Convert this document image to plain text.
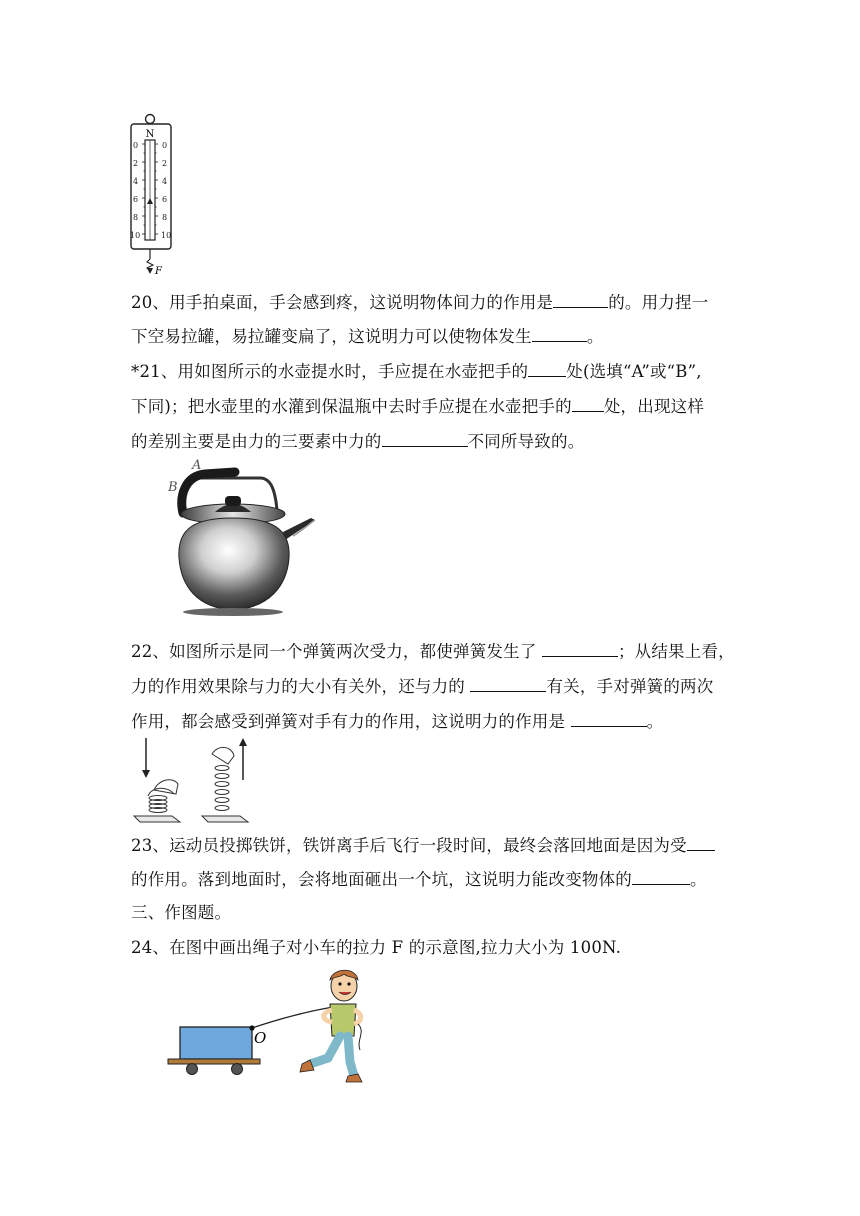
N
0
2
4
6
8
10
0
2
4
6
8
10
F
20、用手拍桌面，手会感到疼，这说明物体间力的作用是	的。用力捏一
下空易拉罐，易拉罐变扁了，这说明力可以使物体发生	。
*21、用如图所示的水壶提水时，手应提在水壶把手的 处(选填“A”或“B”,
下同)；把水壶里的水灌到保温瓶中去时手应提在水壶把手的 处，出现这样
的差别主要是由力的三要素中力的	不同所导致的。
A
B
22、如图所示是同一个弹簧两次受力，都使弹簧发生了	；从结果上看，
力的作用效果除与力的大小有关外，还与力的	有关，手对弹簧的两次
作用，都会感受到弹簧对手有力的作用，这说明力的作用是	。
23、运动员投掷铁饼，铁饼离手后飞行一段时间，最终会落回地面是因为受
的作用。落到地面时，会将地面砸出一个坑，这说明力能改变物体的	。
三、作图题。
24、在图中画出绳子对小车的拉力 F 的示意图,拉力大小为 100N.
O
